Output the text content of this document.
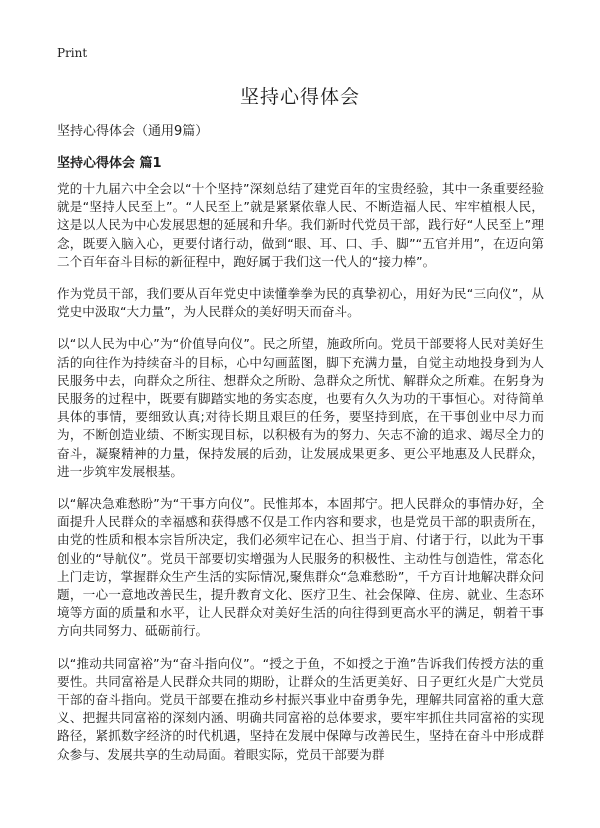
Print
坚持心得体会

坚持心得体会（通用9篇）

坚持心得体会 篇1

党的十九届六中全会以“十个坚持”深刻总结了建党百年的宝贵经验，其中一条重要经验就是“坚持人民至上”。“人民至上”就是紧紧依靠人民、不断造福人民、牢牢植根人民，这是以人民为中心发展思想的延展和升华。我们新时代党员干部，践行好“人民至上”理念，既要入脑入心，更要付诸行动，做到“眼、耳、口、手、脚”“五官并用”，在迈向第二个百年奋斗目标的新征程中，跑好属于我们这一代人的“接力棒”。

作为党员干部，我们要从百年党史中读懂拳拳为民的真挚初心，用好为民“三向仪”，从党史中汲取“大力量”，为人民群众的美好明天而奋斗。

以“以人民为中心”为“价值导向仪”。民之所望，施政所向。党员干部要将人民对美好生活的向往作为持续奋斗的目标，心中勾画蓝图，脚下充满力量，自觉主动地投身到为人民服务中去，向群众之所往、想群众之所盼、急群众之所忧、解群众之所难。在躬身为民服务的过程中，既要有脚踏实地的务实态度，也要有久久为功的干事恒心。对待简单具体的事情，要细致认真;对待长期且艰巨的任务，要坚持到底，在干事创业中尽力而为，不断创造业绩、不断实现目标，以积极有为的努力、矢志不渝的追求、竭尽全力的奋斗，凝聚精神的力量，保持发展的后劲，让发展成果更多、更公平地惠及人民群众，进一步筑牢发展根基。

以“解决急难愁盼”为“干事方向仪”。民惟邦本，本固邦宁。把人民群众的事情办好，全面提升人民群众的幸福感和获得感不仅是工作内容和要求，也是党员干部的职责所在，由党的性质和根本宗旨所决定，我们必须牢记在心、担当于肩、付诸于行，以此为干事创业的“导航仪”。党员干部要切实增强为人民服务的积极性、主动性与创造性，常态化上门走访，掌握群众生产生活的实际情况,聚焦群众“急难愁盼”，千方百计地解决群众问题，一心一意地改善民生，提升教育文化、医疗卫生、社会保障、住房、就业、生态环境等方面的质量和水平，让人民群众对美好生活的向往得到更高水平的满足，朝着干事方向共同努力、砥砺前行。

以“推动共同富裕”为“奋斗指向仪”。“授之于鱼，不如授之于渔”告诉我们传授方法的重要性。共同富裕是人民群众共同的期盼，让群众的生活更美好、日子更红火是广大党员干部的奋斗指向。党员干部要在推动乡村振兴事业中奋勇争先，理解共同富裕的重大意义、把握共同富裕的深刻内涵、明确共同富裕的总体要求，要牢牢抓住共同富裕的实现路径，紧抓数字经济的时代机遇，坚持在发展中保障与改善民生，坚持在奋斗中形成群众参与、发展共享的生动局面。着眼实际，党员干部要为群
